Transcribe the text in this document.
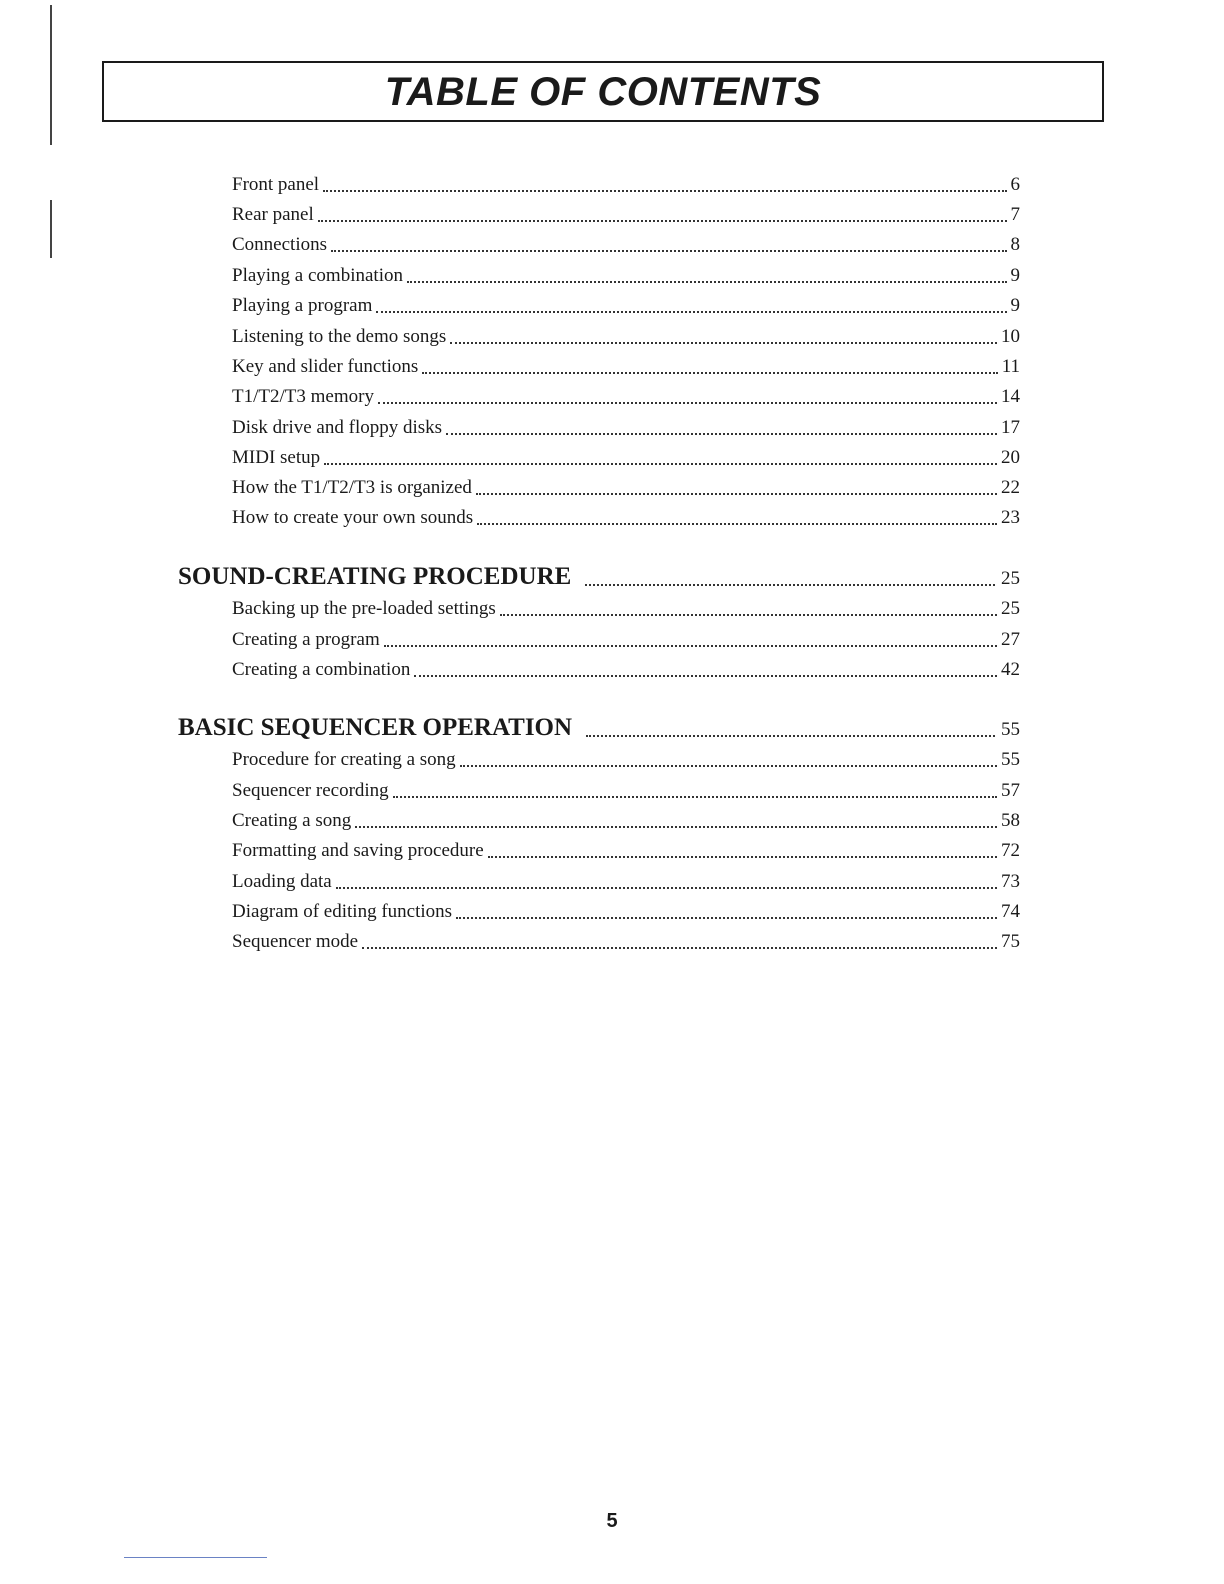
TABLE OF CONTENTS
Front panel	6
Rear panel	7
Connections	8
Playing a combination	9
Playing a program	9
Listening to the demo songs	10
Key and slider functions	11
T1/T2/T3 memory	14
Disk drive and floppy disks	17
MIDI setup	20
How the T1/T2/T3 is organized	22
How to create your own sounds	23
SOUND-CREATING PROCEDURE	25
Backing up the pre-loaded settings	25
Creating a program	27
Creating a combination	42
BASIC SEQUENCER OPERATION	55
Procedure for creating a song	55
Sequencer recording	57
Creating a song	58
Formatting and saving procedure	72
Loading data	73
Diagram of editing functions	74
Sequencer mode	75
5
